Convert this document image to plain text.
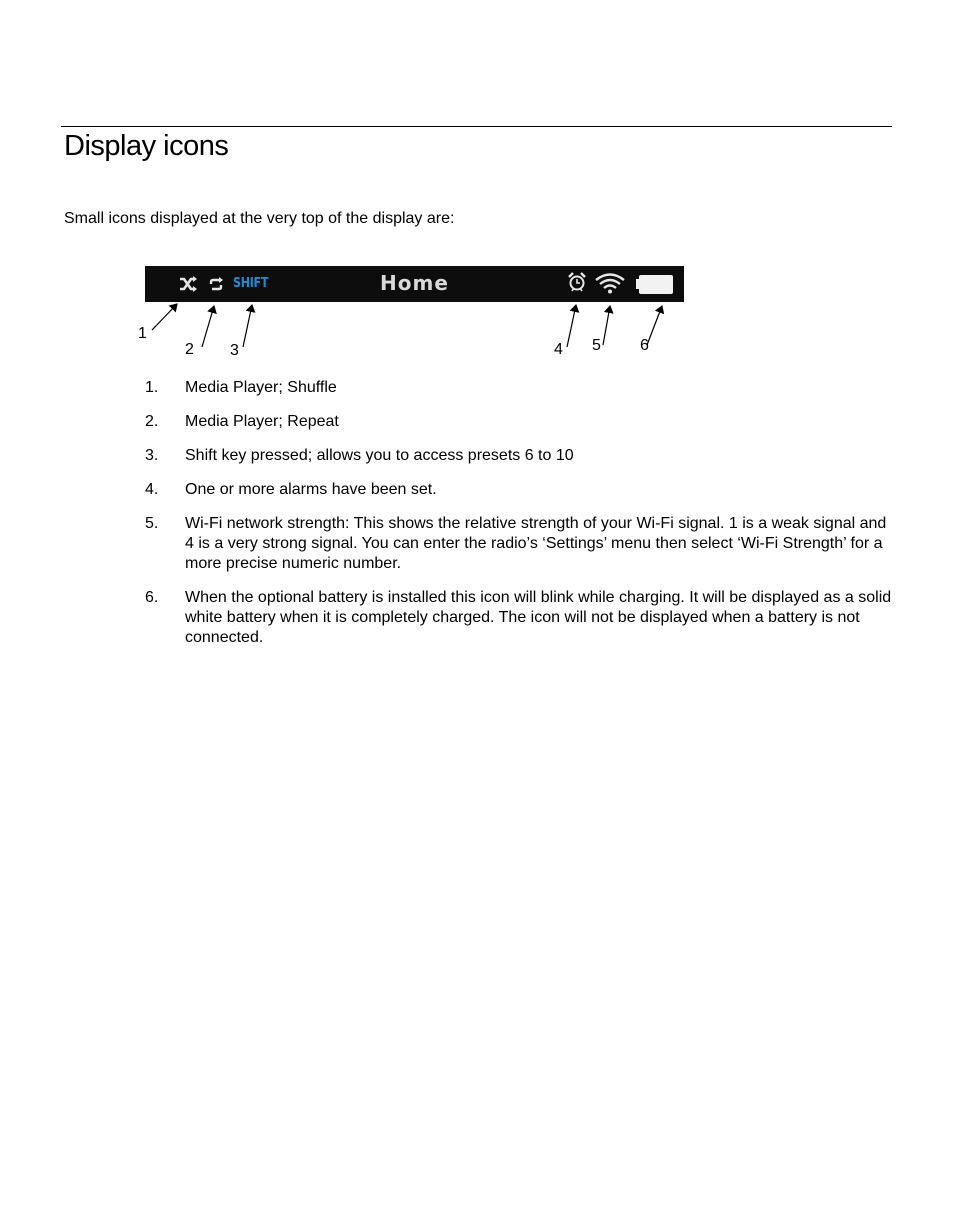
Display icons
Small icons displayed at the very top of the display are:
SHIFT	Home
1
2 3	4 5 6
1. Media Player; Shuffle
2. Media Player; Repeat
3. Shift key pressed; allows you to access presets 6 to 10
4. One or more alarms have been set.
5. Wi-Fi network strength: This shows the relative strength of your Wi-Fi signal. 1 is a weak signal and 4 is a very strong signal. You can enter the radio’s ‘Settings’ menu then select ‘Wi-Fi Strength’ for a more precise numeric number.
6. When the optional battery is installed this icon will blink while charging. It will be displayed as a solid white battery when it is completely charged. The icon will not be displayed when a battery is not connected.
